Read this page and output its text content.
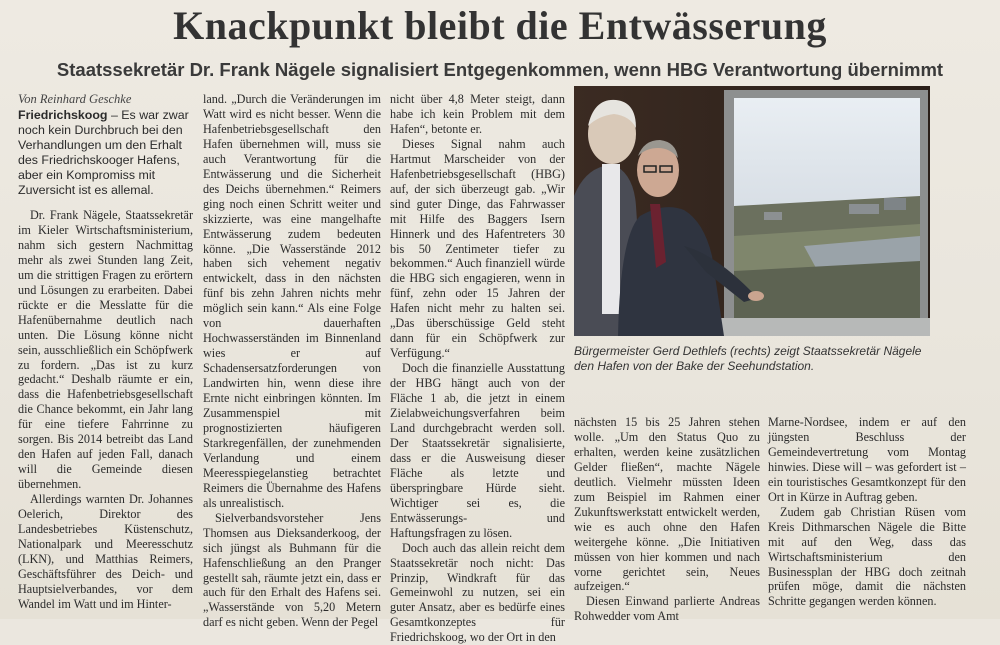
Knackpunkt bleibt die Entwässerung
Staatssekretär Dr. Frank Nägele signalisiert Entgegenkommen, wenn HBG Verantwortung übernimmt

Von Reinhard Geschke

Friedrichskoog – Es war zwar noch kein Durchbruch bei den Verhandlungen um den Erhalt des Friedrichskooger Hafens, aber ein Kompromiss mit Zuversicht ist es allemal.

Dr. Frank Nägele, Staatssekretär im Kieler Wirtschaftsministerium, nahm sich gestern Nachmittag mehr als zwei Stunden lang Zeit, um die strittigen Fragen zu erörtern und Lösungen zu erarbeiten. Dabei rückte er die Messlatte für die Hafenübernahme deutlich nach unten. Die Lösung könne nicht sein, ausschließlich ein Schöpfwerk zu fordern. „Das ist zu kurz gedacht.“ Deshalb räumte er ein, dass die Hafenbetriebsgesellschaft die Chance bekommt, ein Jahr lang für eine tiefere Fahrrinne zu sorgen. Bis 2014 betreibt das Land den Hafen auf jeden Fall, danach will die Gemeinde diesen übernehmen.

Allerdings warnten Dr. Johannes Oelerich, Direktor des Landesbetriebes Küstenschutz, Nationalpark und Meeresschutz (LKN), und Matthias Reimers, Geschäftsführer des Deich- und Hauptsielverbandes, vor dem Wandel im Watt und im Hinter-

land. „Durch die Veränderungen im Watt wird es nicht besser. Wenn die Hafenbetriebsgesellschaft den Hafen übernehmen will, muss sie auch Verantwortung für die Entwässerung und die Sicherheit des Deichs übernehmen.“ Reimers ging noch einen Schritt weiter und skizzierte, was eine mangelhafte Entwässerung zudem bedeuten könne. „Die Wasserstände 2012 haben sich vehement negativ entwickelt, dass in den nächsten fünf bis zehn Jahren nichts mehr möglich sein kann.“ Als eine Folge von dauerhaften Hochwasserständen im Binnenland wies er auf Schadensersatzforderungen von Landwirten hin, wenn diese ihre Ernte nicht einbringen könnten. Im Zusammenspiel mit prognostizierten häufigeren Starkregenfällen, der zunehmenden Verlandung und einem Meeresspiegelanstieg betrachtet Reimers die Übernahme des Hafens als unrealistisch.

Sielverbandsvorsteher Jens Thomsen aus Dieksanderkoog, der sich jüngst als Buhmann für die Hafenschließung an den Pranger gestellt sah, räumte jetzt ein, dass er auch für den Erhalt des Hafens sei. „Wasserstände von 5,20 Metern darf es nicht geben. Wenn der Pegel

nicht über 4,8 Meter steigt, dann habe ich kein Problem mit dem Hafen“, betonte er.

Dieses Signal nahm auch Hartmut Marscheider von der Hafenbetriebsgesellschaft (HBG) auf, der sich überzeugt gab. „Wir sind guter Dinge, das Fahrwasser mit Hilfe des Baggers Isern Hinnerk und des Hafentreters 30 bis 50 Zentimeter tiefer zu bekommen.“ Auch finanziell würde die HBG sich engagieren, wenn in fünf, zehn oder 15 Jahren der Hafen nicht mehr zu halten sei. „Das überschüssige Geld steht dann für ein Schöpfwerk zur Verfügung.“

Doch die finanzielle Ausstattung der HBG hängt auch von der Fläche 1 ab, die jetzt in einem Zielabweichungsverfahren beim Land durchgebracht werden soll. Der Staatssekretär signalisierte, dass er die Ausweisung dieser Fläche als letzte und überspringbare Hürde sieht. Wichtiger sei es, die Entwässerungs- und Haftungsfragen zu lösen.

Doch auch das allein reicht dem Staatssekretär noch nicht: Das Prinzip, Windkraft für das Gemeinwohl zu nutzen, sei ein guter Ansatz, aber es bedürfe eines Gesamtkonzeptes für Friedrichskoog, wo der Ort in den

Bürgermeister Gerd Dethlefs (rechts) zeigt Staatssekretär Nägele den Hafen von der Bake der Seehundstation.

nächsten 15 bis 25 Jahren stehen wolle. „Um den Status Quo zu erhalten, werden keine zusätzlichen Gelder fließen“, machte Nägele deutlich. Vielmehr müssten Ideen zum Beispiel im Rahmen einer Zukunftswerkstatt entwickelt werden, wie es auch ohne den Hafen weitergehe könne. „Die Initiativen müssen von hier kommen und nach vorne gerichtet sein, Neues aufzeigen.“

Diesen Einwand parlierte Andreas Rohwedder vom Amt

Marne-Nordsee, indem er auf den jüngsten Beschluss der Gemeindevertretung vom Montag hinwies. Diese will – was gefordert ist – ein touristisches Gesamtkonzept für den Ort in Kürze in Auftrag geben.

Zudem gab Christian Rüsen vom Kreis Dithmarschen Nägele die Bitte mit auf den Weg, dass das Wirtschaftsministerium den Businessplan der HBG doch zeitnah prüfen möge, damit die nächsten Schritte gegangen werden können.
